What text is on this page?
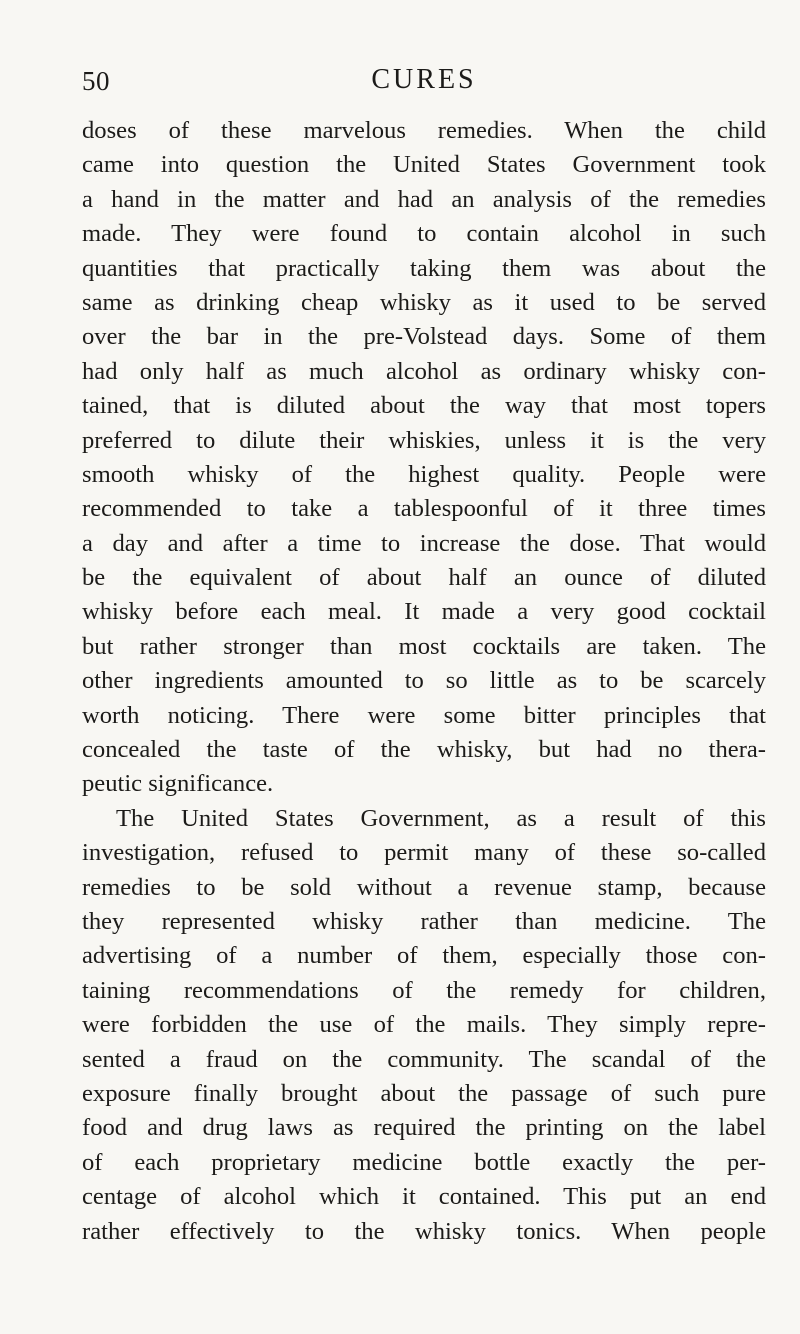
50	CURES
doses of these marvelous remedies. When the child
came into question the United States Government took
a hand in the matter and had an analysis of the remedies
made. They were found to contain alcohol in such
quantities that practically taking them was about the
same as drinking cheap whisky as it used to be served
over the bar in the pre-Volstead days. Some of them
had only half as much alcohol as ordinary whisky con-
tained, that is diluted about the way that most topers
preferred to dilute their whiskies, unless it is the very
smooth whisky of the highest quality. People were
recommended to take a tablespoonful of it three times
a day and after a time to increase the dose. That would
be the equivalent of about half an ounce of diluted
whisky before each meal. It made a very good cocktail
but rather stronger than most cocktails are taken. The
other ingredients amounted to so little as to be scarcely
worth noticing. There were some bitter principles that
concealed the taste of the whisky, but had no thera-
peutic significance.
The United States Government, as a result of this
investigation, refused to permit many of these so-called
remedies to be sold without a revenue stamp, because
they represented whisky rather than medicine. The
advertising of a number of them, especially those con-
taining recommendations of the remedy for children,
were forbidden the use of the mails. They simply repre-
sented a fraud on the community. The scandal of the
exposure finally brought about the passage of such pure
food and drug laws as required the printing on the label
of each proprietary medicine bottle exactly the per-
centage of alcohol which it contained. This put an end
rather effectively to the whisky tonics. When people
